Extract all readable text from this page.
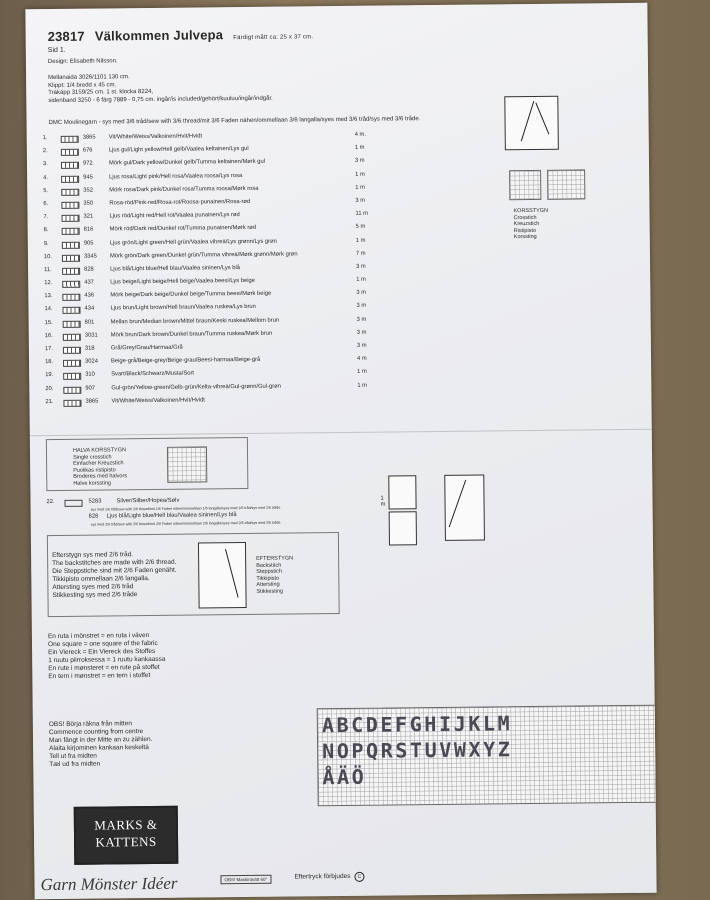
23817 Välkommen Julvepa Färdigt mått ca: 25 x 37 cm.
Sid 1.
Design: Elisabeth Nilsson.
Mellanaida 3026/1101 130 cm.
Klippt: 1/4 bredd x 45 cm.
Träkäpp 3159/25 cm. 1 st. klocka 8224,
sidenband 3250 - 6 färg 7889 - 0,75 cm. ingår/is included/gehört/kuuluu/ingår/indgår.
DMC Moulinegarn - sys med 3/6 tråd/sew with 3/6 thread/mit 3/6 Faden nähen/ommellaan 3/6 langalla/syes med 3/6 tråd/sys med 3/6 tråde.
KORSSTYGN
Crosstich
Kreuzstich
Ristipisto
Korssting
1.	3865 Vit/White/Weiss/Valkoinen/Hvit/Hvidt	4 m.
2.	676	Ljus gul/Light yellow/Hell gelb/Vaalea keltainen/Lys gul	1 m
3.	972	Mörk gul/Dark yellow/Dunkel gelb/Tumma keltainen/Mørk gul	3 m
4.	945	Ljus rosa/Light pink/Hell rosa/Vaalea roosa/Lys rosa	1 m
5.	352	Mörk rosa/Dark pink/Dunkel rosa/Tumma roosa/Mørk rosa	1 m
6.	350	Rosa-röd/Pink-red/Rosa-rot/Roosa-punainen/Rosa-rød	3 m
7.	321	Ljus röd/Light red/Hell rot/Vaalea punainen/Lys rød	11 m
8.	816	Mörk röd/Dark red/Dunkel rot/Tumma punainen/Mørk rød	5 m
9.	905	Ljus grön/Light green/Hell grün/Vaalea vihreä/Lys grønn/Lys grøn	1 m
10.	3345 Mörk grön/Dark green/Dunkel grün/Tumma vihreä/Mørk grønn/Mørk grøn	7 m
11.	828	Ljus blå/Light blue/Hell blau/Vaalea sininen/Lys blå	3 m
12.	437	Ljus beige/Light beige/Hell beige/Vaalea beesi/Lys beige	1 m
13.	436	Mörk beige/Dark beige/Dunkel beige/Tumma beesi/Mørk beige	3 m
14.	434	Ljus brun/Light brown/Hell braun/Vaalea ruskea/Lys brun	3 m
15.	801	Mellan brun/Median brown/Mittel braun/Keski ruskea/Mellom brun	3 m
16.	3031 Mörk brun/Dark brown/Dunkel braun/Tumma ruskea/Mørk brun	3 m
17.	318	Grå/Grey/Grau/Harmaa/Grå	3 m
18.	3024 Beige-grå/Beige-grey/Beige-grau/Beesi-harmaa/Beige-grå	4 m
19.	310	Svart/Black/Schwarz/Musta/Sort	1 m
20.	907	Gul-grön/Yellow-green/Gelb-grün/Kelta-vihreä/Gul-grønn/Gul-grøn	1 m
21.	3865 Vit/White/Weiss/Valkoinen/Hvit/Hvidt
HALVA KORSSTYGN
Single crosstich
Einfacher Kreuzstich
Puolikas ristipisto
Broderes med halvors
Halve korssting
22.	5283	Silver/Silber/Hopea/Sølv	1 m
sys med 1/6 tråd/sew with 1/6 thread/mit 1/6 Faden nähen/ommellaan 1/6 langalla/syes med 1/6 tråd/sys med 1/6 tråde.
828 Ljus blå/Light blue/Hell blau/Vaalea sininen/Lys blå
sys med 2/6 tråd/sew with 2/6 thread/mit 2/6 Faden nähen/ommellaan 2/6 langalla/syes med 2/6 tråd/sys med 2/6 tråde.
Efterstygn sys med 2/6 tråd.
The backstitches are made with 2/6 thread.
Die Steppstiche sind mit 2/6 Faden genäht.
Tikkipisto ommellaan 2/6 langalla.
Attersting syes med 2/6 tråd
Stikkesting sys med 2/6 tråde
EFTERSTYGN
Backstitch
Steppstich
Tikkipisto
Attersting
Stikkesting
En ruta i mönstret = en ruta i väven
One square = one square of the fabric
Ein Viereck = Ein Viereck des Stoffes
1 ruutu piirroksessa = 1 ruutu kankaassa
En rute i mønsteret = en rute på stoffet
En tern i mønstret = en tern i stoffet
OBS! Börja räkna från mitten
Commence counting from centre
Man fängt in der Mitte an zu zählen.
Alaita kirjominen kankaan keskeltä
Tell ut fra midten
Tæl ud fra midten
ABCDEFGHIJKLM
NOPQRSTUVWXYZ
ÅÄÖ
MARKS &
KATTENS
Garn Mönster Idéer	OBS! Maskintvätt 60°	Eftertryck förbjudes C
